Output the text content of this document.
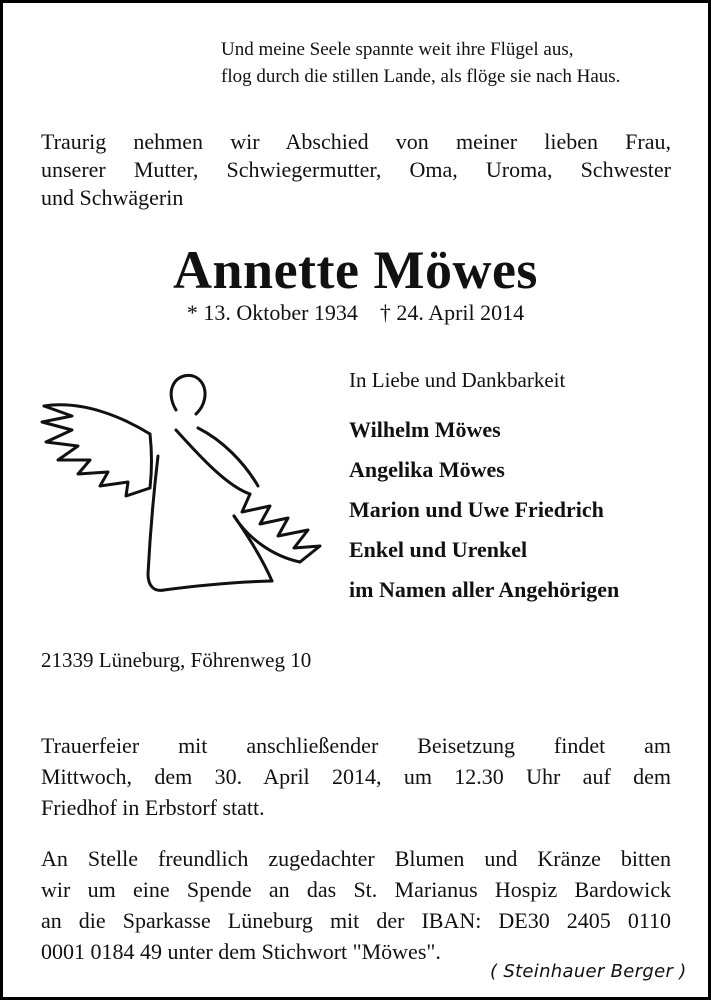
Und meine Seele spannte weit ihre Flügel aus,
flog durch die stillen Lande, als flöge sie nach Haus.
Traurig nehmen wir Abschied von meiner lieben Frau,
unserer Mutter, Schwiegermutter, Oma, Uroma, Schwester
und Schwägerin
Annette Möwes
* 13. Oktober 1934 † 24. April 2014
In Liebe und Dankbarkeit
Wilhelm Möwes
Angelika Möwes
Marion und Uwe Friedrich
Enkel und Urenkel
im Namen aller Angehörigen
21339 Lüneburg, Föhrenweg 10
Trauerfeier mit anschließender Beisetzung findet am
Mittwoch, dem 30. April 2014, um 12.30 Uhr auf dem
Friedhof in Erbstorf statt.
An Stelle freundlich zugedachter Blumen und Kränze bitten
wir um eine Spende an das St. Marianus Hospiz Bardowick
an die Sparkasse Lüneburg mit der IBAN: DE30 2405 0110
0001 0184 49 unter dem Stichwort "Möwes".
( Steinhauer Berger )
